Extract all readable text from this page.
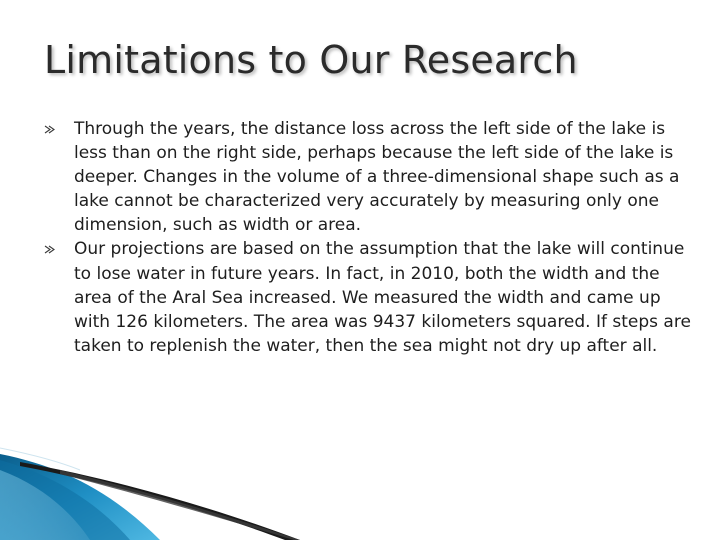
Limitations to Our Research
Through the years, the distance loss across the left side of the lake is less than on the right side, perhaps because the left side of the lake is deeper. Changes in the volume of a three-dimensional shape such as a lake cannot be characterized very accurately by measuring only one dimension, such as width or area.
Our projections are based on the assumption that the lake will continue to lose water in future years. In fact, in 2010, both the width and the area of the Aral Sea increased. We measured the width and came up with 126 kilometers. The area was 9437 kilometers squared. If steps are taken to replenish the water, then the sea might not dry up after all.
